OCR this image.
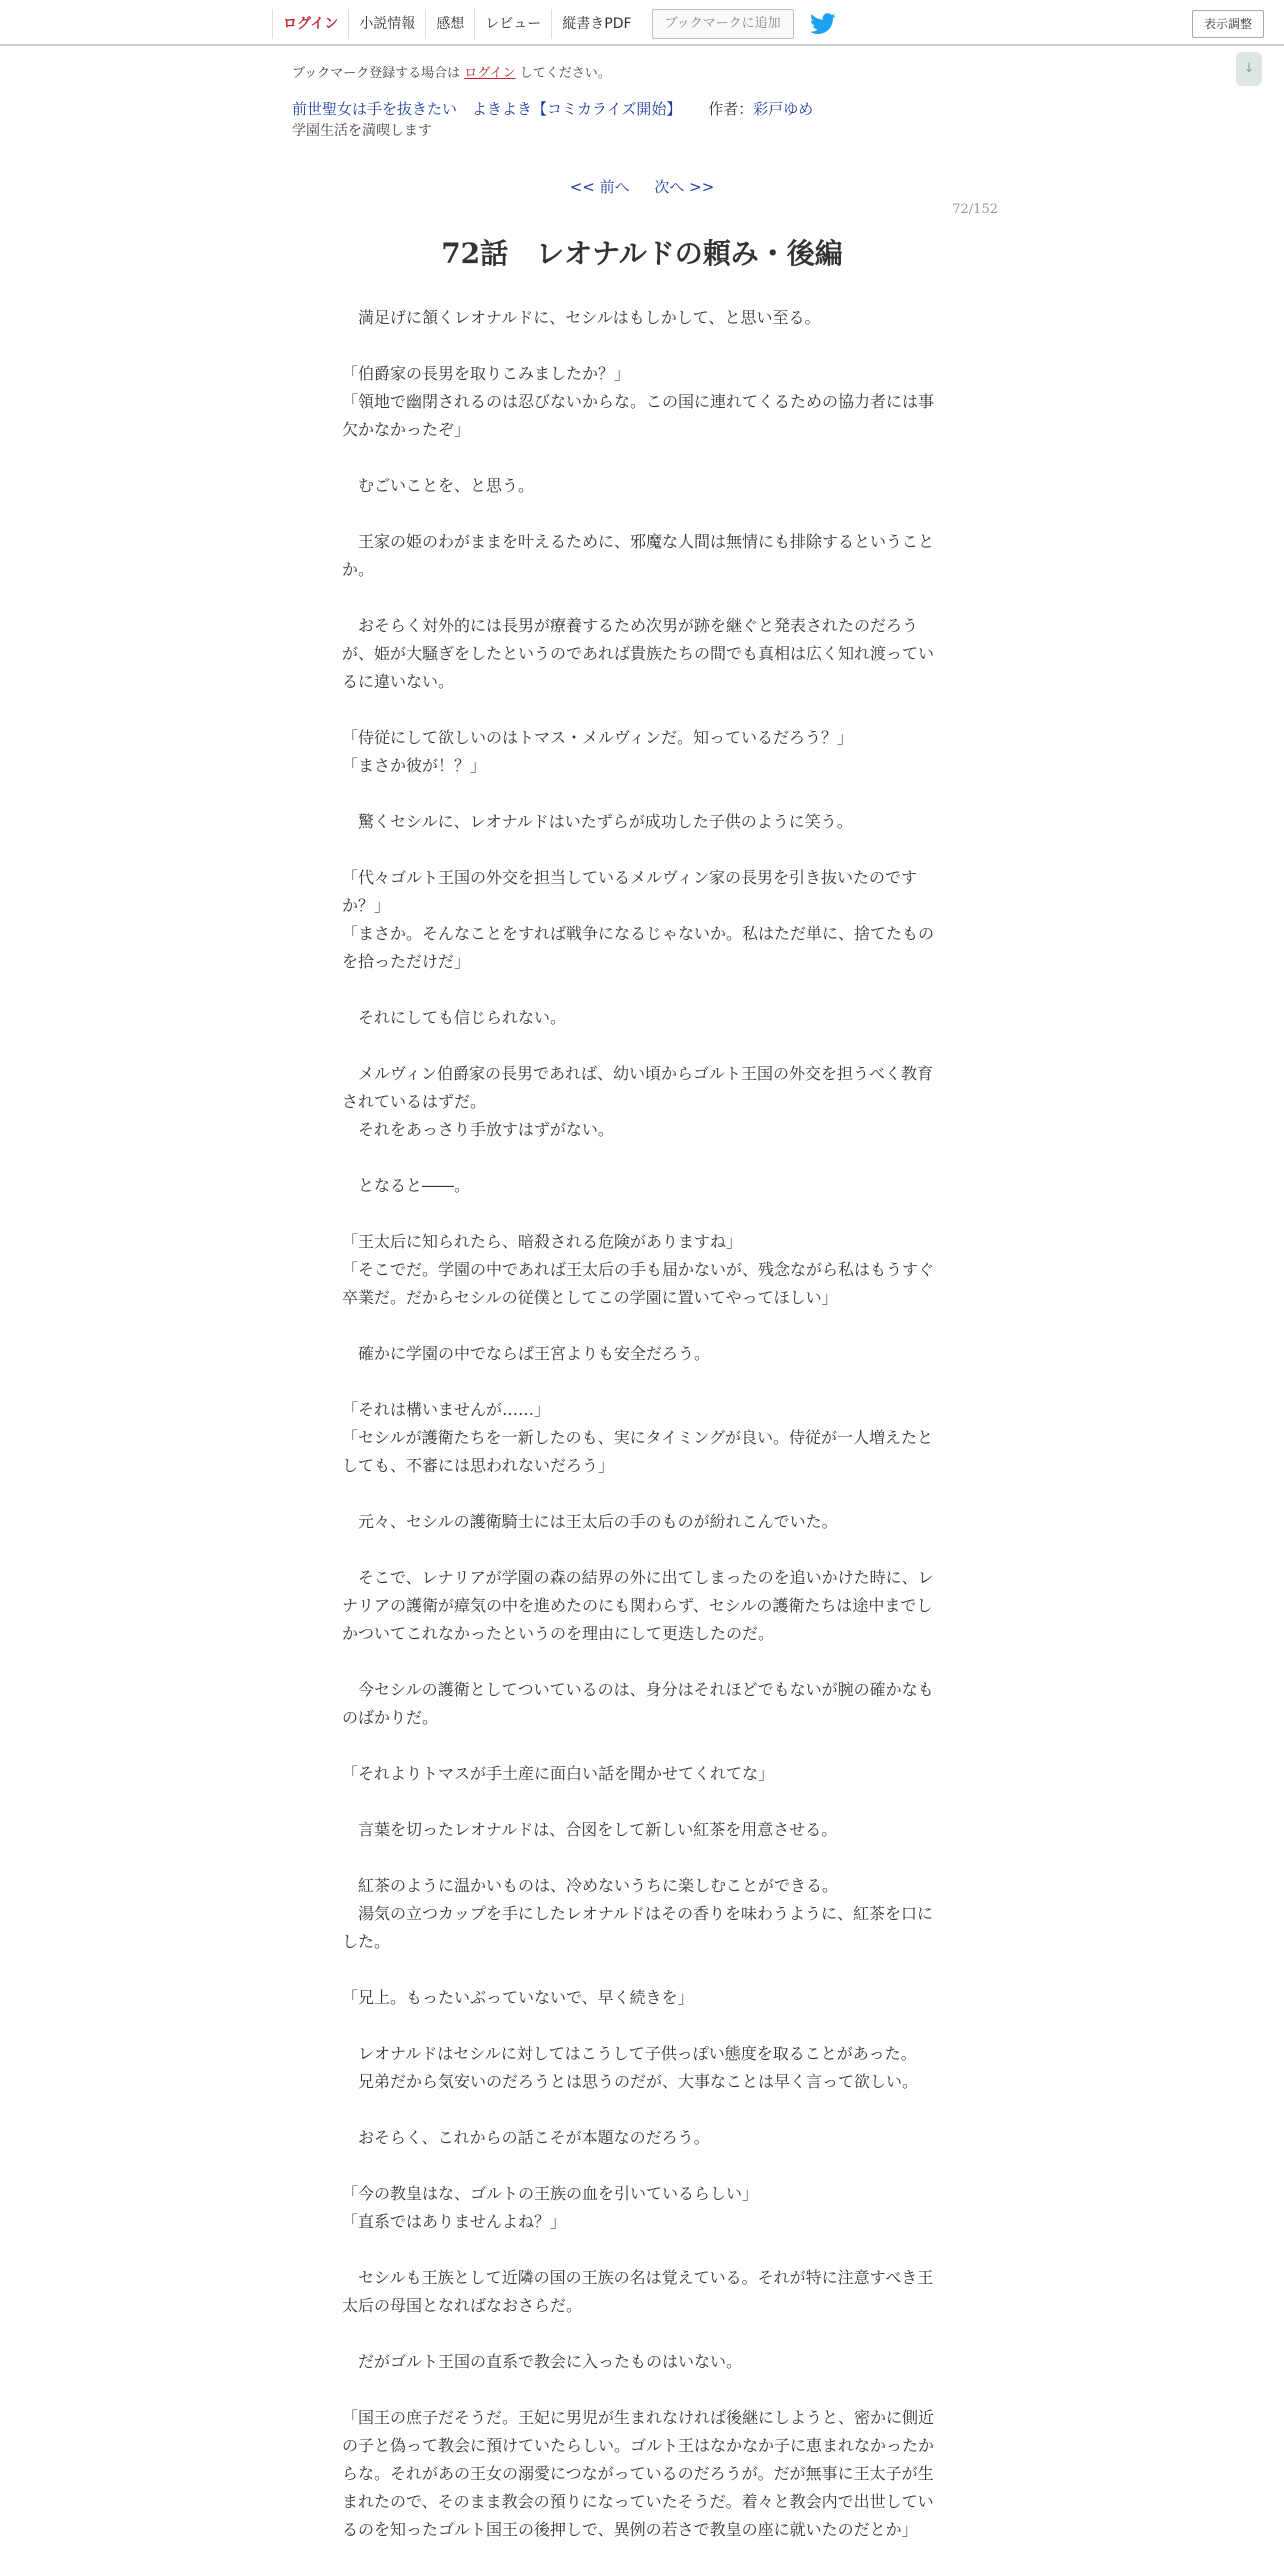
ログイン	小説情報	感想	レビュー	縦書きPDF	ブックマークに追加	表示調整
↓
ブックマーク登録する場合は ログイン してください。
前世聖女は手を抜きたい　よきよき【コミカライズ開始】 作者：彩戸ゆめ
学園生活を満喫します
<< 前へ 次へ >>
72/152
72話　レオナルドの頼み・後編

　満足げに頷くレオナルドに、セシルはもしかして、と思い至る。

「伯爵家の長男を取りこみましたか？」

「領地で幽閉されるのは忍びないからな。この国に連れてくるための協力者には事欠かなかったぞ」

　むごいことを、と思う。

　王家の姫のわがままを叶えるために、邪魔な人間は無情にも排除するということか。

　おそらく対外的には長男が療養するため次男が跡を継ぐと発表されたのだろうが、姫が大騒ぎをしたというのであれば貴族たちの間でも真相は広く知れ渡っているに違いない。

「侍従にして欲しいのはトマス・メルヴィンだ。知っているだろう？」

「まさか彼が！？」

　驚くセシルに、レオナルドはいたずらが成功した子供のように笑う。

「代々ゴルト王国の外交を担当しているメルヴィン家の長男を引き抜いたのですか？」

「まさか。そんなことをすれば戦争になるじゃないか。私はただ単に、捨てたものを拾っただけだ」

　それにしても信じられない。

　メルヴィン伯爵家の長男であれば、幼い頃からゴルト王国の外交を担うべく教育されているはずだ。

　それをあっさり手放すはずがない。

　となると――。

「王太后に知られたら、暗殺される危険がありますね」

「そこでだ。学園の中であれば王太后の手も届かないが、残念ながら私はもうすぐ卒業だ。だからセシルの従僕としてこの学園に置いてやってほしい」

　確かに学園の中でならば王宮よりも安全だろう。

「それは構いませんが……」

「セシルが護衛たちを一新したのも、実にタイミングが良い。侍従が一人増えたとしても、不審には思われないだろう」

　元々、セシルの護衛騎士には王太后の手のものが紛れこんでいた。

　そこで、レナリアが学園の森の結界の外に出てしまったのを追いかけた時に、レナリアの護衛が瘴気の中を進めたのにも関わらず、セシルの護衛たちは途中までしかついてこれなかったというのを理由にして更迭したのだ。

　今セシルの護衛としてついているのは、身分はそれほどでもないが腕の確かなものばかりだ。

「それよりトマスが手土産に面白い話を聞かせてくれてな」

　言葉を切ったレオナルドは、合図をして新しい紅茶を用意させる。

　紅茶のように温かいものは、冷めないうちに楽しむことができる。

　湯気の立つカップを手にしたレオナルドはその香りを味わうように、紅茶を口にした。

「兄上。もったいぶっていないで、早く続きを」

　レオナルドはセシルに対してはこうして子供っぽい態度を取ることがあった。

　兄弟だから気安いのだろうとは思うのだが、大事なことは早く言って欲しい。

　おそらく、これからの話こそが本題なのだろう。

「今の教皇はな、ゴルトの王族の血を引いているらしい」

「直系ではありませんよね？」

　セシルも王族として近隣の国の王族の名は覚えている。それが特に注意すべき王太后の母国となればなおさらだ。

　だがゴルト王国の直系で教会に入ったものはいない。

「国王の庶子だそうだ。王妃に男児が生まれなければ後継にしようと、密かに側近の子と偽って教会に預けていたらしい。ゴルト王はなかなか子に恵まれなかったからな。それがあの王女の溺愛につながっているのだろうが。だが無事に王太子が生まれたので、そのまま教会の預りになっていたそうだ。着々と教会内で出世しているのを知ったゴルト国王の後押しで、異例の若さで教皇の座に就いたのだとか」
